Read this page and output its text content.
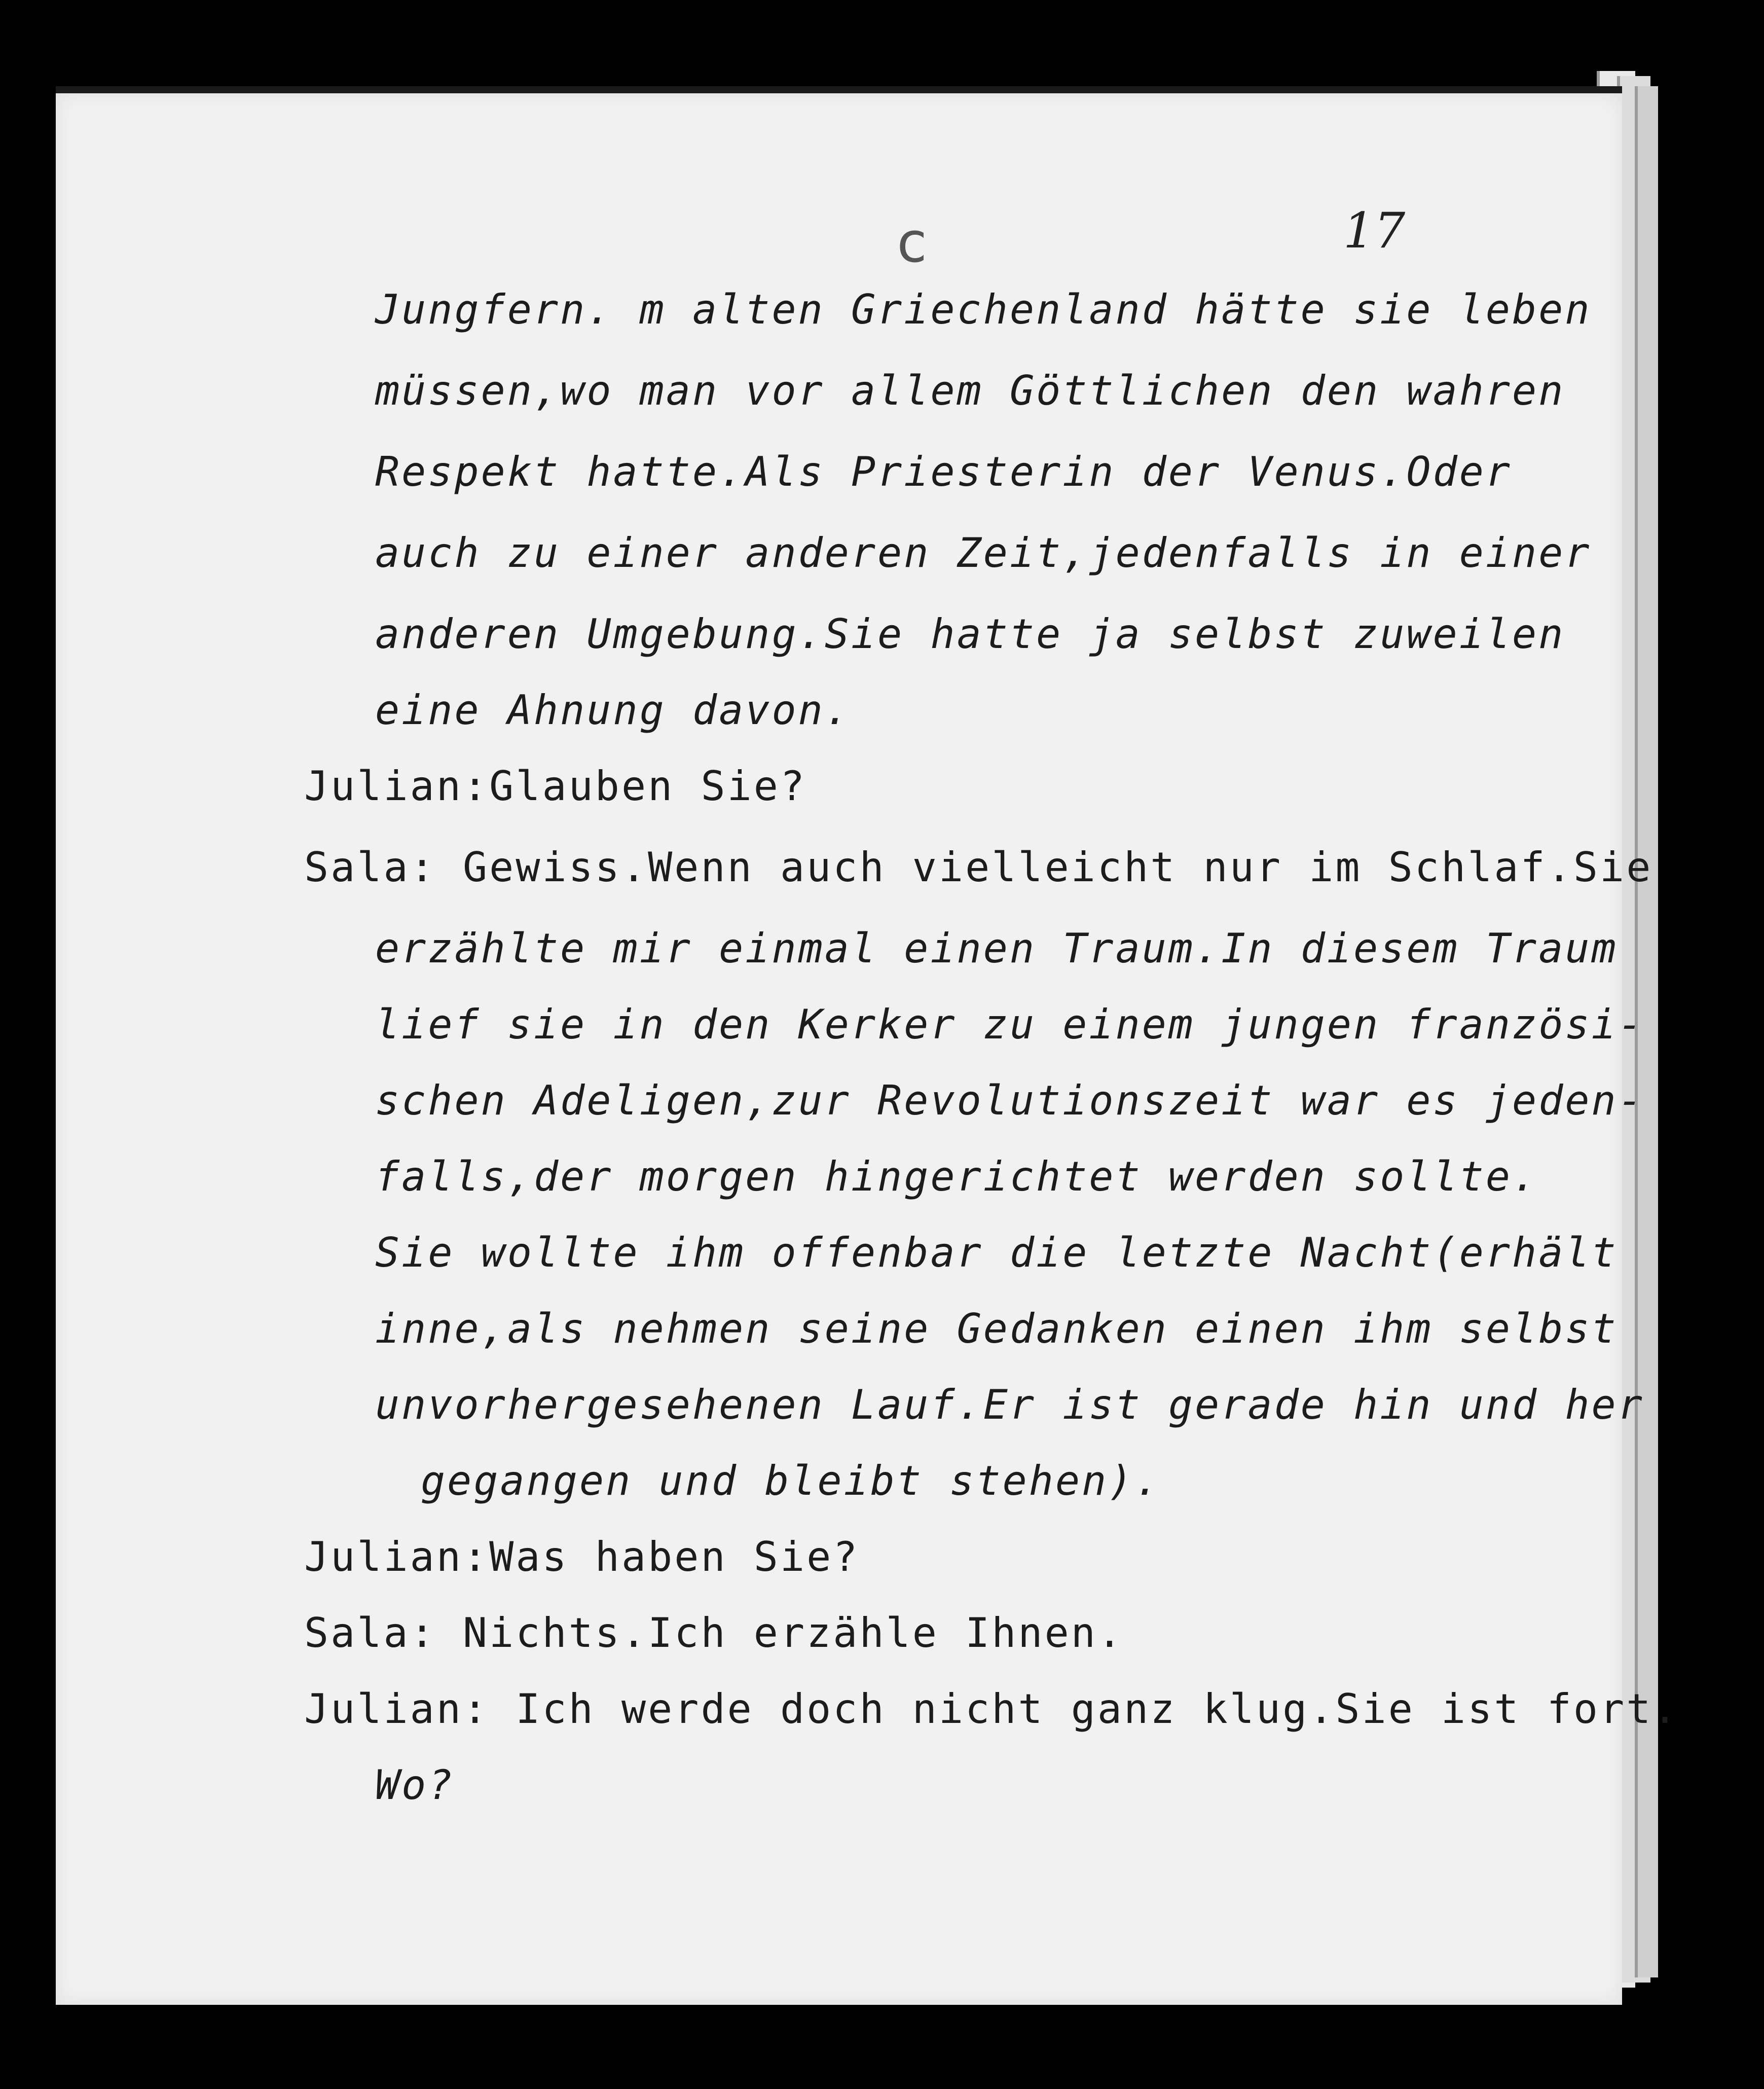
c	17
Jungfern. m alten Griechenland hätte sie leben
müssen,wo man vor allem Göttlichen den wahren
Respekt hatte.Als Priesterin der Venus.Oder
auch zu einer anderen Zeit,jedenfalls in einer
anderen Umgebung.Sie hatte ja selbst zuweilen
eine Ahnung davon.
Julian:Glauben Sie?
Sala: Gewiss.Wenn auch vielleicht nur im Schlaf.Sie
erzählte mir einmal einen Traum.In diesem Traum
lief sie in den Kerker zu einem jungen französi-
schen Adeligen,zur Revolutionszeit war es jeden-
falls,der morgen hingerichtet werden sollte.
Sie wollte ihm offenbar die letzte Nacht(erhält
inne,als nehmen seine Gedanken einen ihm selbst
unvorhergesehenen Lauf.Er ist gerade hin und her
gegangen und bleibt stehen).
Julian:Was haben Sie?
Sala: Nichts.Ich erzähle Ihnen.
Julian: Ich werde doch nicht ganz klug.Sie ist fort.
Wo?
